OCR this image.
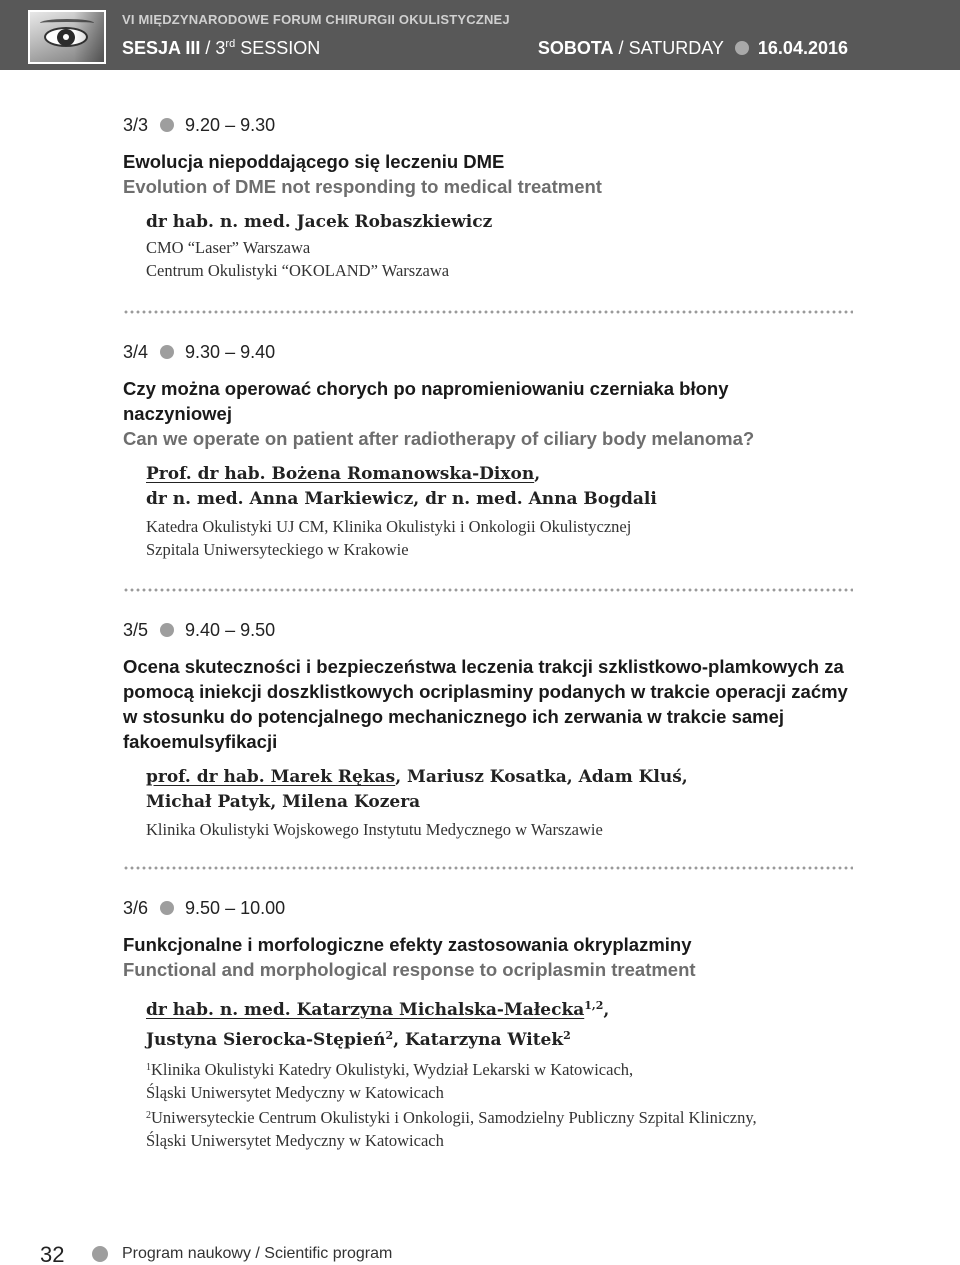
VI MIĘDZYNARODOWE FORUM CHIRURGII OKULISTYCZNEJ
SESJA III / 3rd SESSION	SOBOTA / SATURDAY 16.04.2016
3/3 9.20 – 9.30
Ewolucja niepoddającego się leczeniu DME
Evolution of DME not responding to medical treatment
dr hab. n. med. Jacek Robaszkiewicz
CMO “Laser” Warszawa
Centrum Okulistyki “OKOLAND” Warszawa
3/4 9.30 – 9.40
Czy można operować chorych po napromieniowaniu czerniaka błony naczyniowej
Can we operate on patient after radiotherapy of ciliary body melanoma?
Prof. dr hab. Bożena Romanowska-Dixon,
dr n. med. Anna Markiewicz, dr n. med. Anna Bogdali
Katedra Okulistyki UJ CM, Klinika Okulistyki i Onkologii Okulistycznej
Szpitala Uniwersyteckiego w Krakowie
3/5 9.40 – 9.50
Ocena skuteczności i bezpieczeństwa leczenia trakcji szklistkowo-plamkowych za pomocą iniekcji doszklistkowych ocriplasminy podanych w trakcie operacji zaćmy w stosunku do potencjalnego mechanicznego ich zerwania w trakcie samej fakoemulsyfikacji
prof. dr hab. Marek Rękas, Mariusz Kosatka, Adam Kluś,
Michał Patyk, Milena Kozera
Klinika Okulistyki Wojskowego Instytutu Medycznego w Warszawie
3/6 9.50 – 10.00
Funkcjonalne i morfologiczne efekty zastosowania okryplazminy
Functional and morphological response to ocriplasmin treatment
dr hab. n. med. Katarzyna Michalska-Małecka$^{1,2}$,
Justyna Sierocka-Stępień$^2$, Katarzyna Witek$^2$
$^1$Klinika Okulistyki Katedry Okulistyki, Wydział Lekarski w Katowicach,
Śląski Uniwersytet Medyczny w Katowicach
$^2$Uniwersyteckie Centrum Okulistyki i Onkologii, Samodzielny Publiczny Szpital Kliniczny,
Śląski Uniwersytet Medyczny w Katowicach
32	Program naukowy / Scientific program
